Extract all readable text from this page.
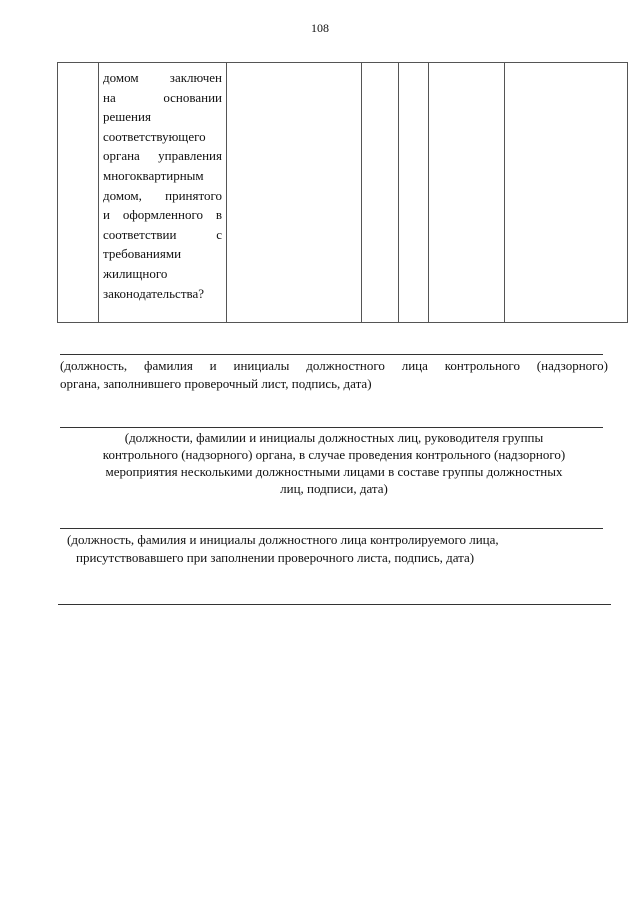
108

домом заключен
на основании
решения
соответствующего
органа управления
многоквартирным
домом, принятого
и оформленного в
соответствии с
требованиями
жилищного
законодательства?

(должность, фамилия и инициалы должностного лица контрольного (надзорного)
органа, заполнившего проверочный лист, подпись, дата)
(должности, фамилии и инициалы должностных лиц, руководителя группы
контрольного (надзорного) органа, в случае проведения контрольного (надзорного)
мероприятия несколькими должностными лицами в составе группы должностных
лиц, подписи, дата)
(должность, фамилия и инициалы должностного лица контролируемого лица,
присутствовавшего при заполнении проверочного листа, подпись, дата)
